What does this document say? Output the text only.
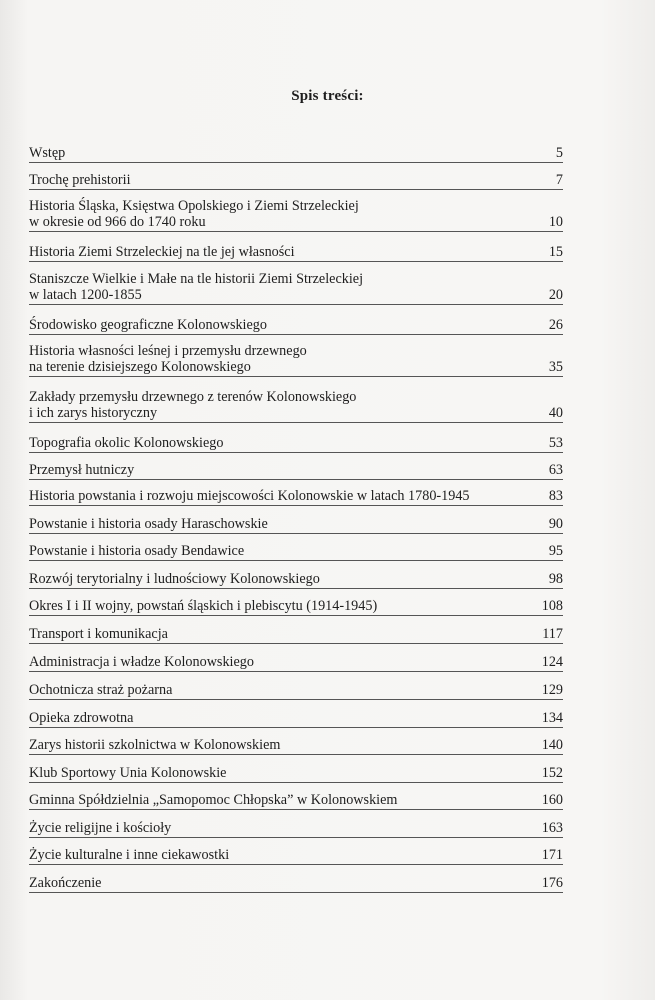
Spis treści:
Wstęp	5
Trochę prehistorii	7
Historia Śląska, Księstwa Opolskiego i Ziemi Strzeleckiej
w okresie od 966 do 1740 roku	10
Historia Ziemi Strzeleckiej na tle jej własności	15
Staniszcze Wielkie i Małe na tle historii Ziemi Strzeleckiej
w latach 1200-1855	20
Środowisko geograficzne Kolonowskiego	26
Historia własności leśnej i przemysłu drzewnego
na terenie dzisiejszego Kolonowskiego	35
Zakłady przemysłu drzewnego z terenów Kolonowskiego
i ich zarys historyczny	40
Topografia okolic Kolonowskiego	53
Przemysł hutniczy	63
Historia powstania i rozwoju miejscowości Kolonowskie w latach 1780-1945	83
Powstanie i historia osady Haraschowskie	90
Powstanie i historia osady Bendawice	95
Rozwój terytorialny i ludnościowy Kolonowskiego	98
Okres I i II wojny, powstań śląskich i plebiscytu (1914-1945)	108
Transport i komunikacja	117
Administracja i władze Kolonowskiego	124
Ochotnicza straż pożarna	129
Opieka zdrowotna	134
Zarys historii szkolnictwa w Kolonowskiem	140
Klub Sportowy Unia Kolonowskie	152
Gminna Spółdzielnia „Samopomoc Chłopska” w Kolonowskiem	160
Życie religijne i kościoły	163
Życie kulturalne i inne ciekawostki	171
Zakończenie	176
